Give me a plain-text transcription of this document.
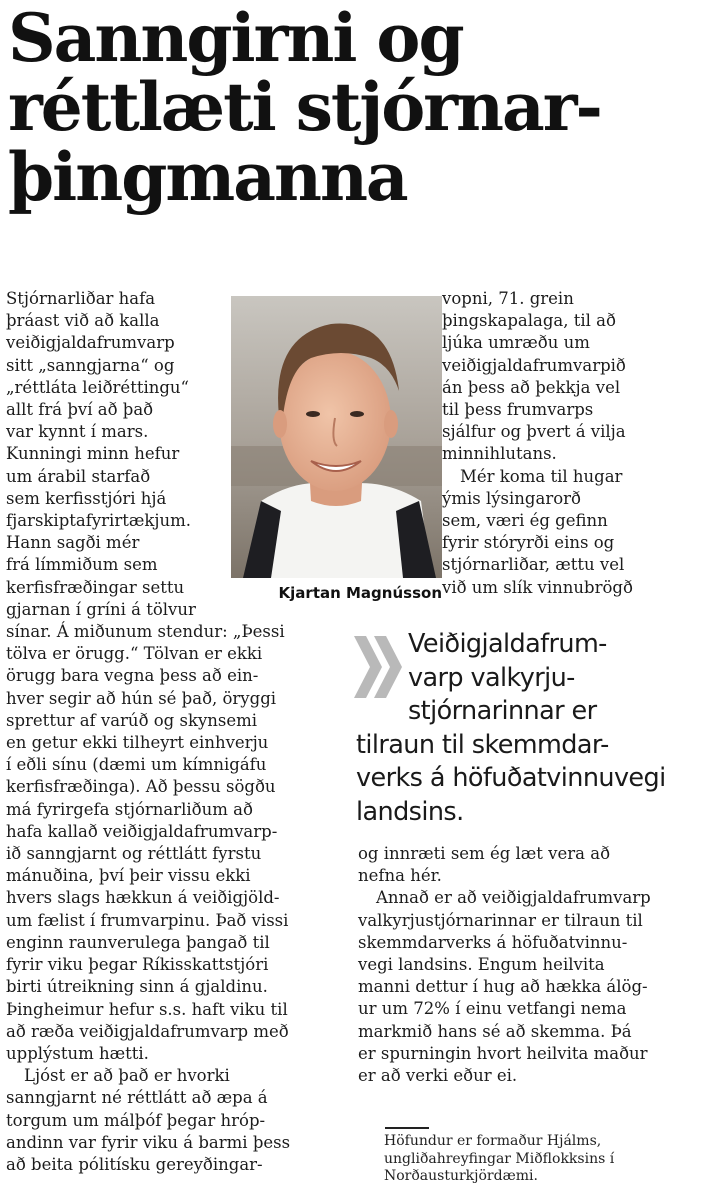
Sanngirni og
réttlæti stjórnar-
þingmanna
Stjórnarliðar hafa
þráast við að kalla
veiðigjaldafrumvarp
sitt „sanngjarna“ og
„réttláta leiðréttingu“
allt frá því að það
var kynnt í mars.
Kunningi minn hefur
um árabil starfað
sem kerfisstjóri hjá
fjarskiptafyrirtækjum.
Hann sagði mér
frá límmiðum sem
kerfisfræðingar settu
gjarnan í gríni á tölvur
sínar. Á miðunum stendur: „Þessi
tölva er örugg.“ Tölvan er ekki
örugg bara vegna þess að ein-
hver segir að hún sé það, öryggi
sprettur af varúð og skynsemi
en getur ekki tilheyrt einhverju
í eðli sínu (dæmi um kímnigáfu
kerfisfræðinga). Að þessu sögðu
má fyrirgefa stjórnarliðum að
hafa kallað veiðigjaldafrumvarp-
ið sanngjarnt og réttlátt fyrstu
mánuðina, því þeir vissu ekki
hvers slags hækkun á veiðigjöld-
um fælist í frumvarpinu. Það vissi
enginn raunverulega þangað til
fyrir viku þegar Ríkisskattstjóri
birti útreikning sinn á gjaldinu.
Þingheimur hefur s.s. haft viku til
að ræða veiðigjaldafrumvarp með
upplýstum hætti.
Ljóst er að það er hvorki
sanngjarnt né réttlátt að æpa á
torgum um málþóf þegar hróp-
andinn var fyrir viku á barmi þess
að beita pólitísku gereyðingar-
Kjartan Magnússon
vopni, 71. grein
þingskapalaga, til að
ljúka umræðu um
veiðigjaldafrumvarpið
án þess að þekkja vel
til þess frumvarps
sjálfur og þvert á vilja
minnihlutans.
Mér koma til hugar
ýmis lýsingarorð
sem, væri ég gefinn
fyrir stóryrði eins og
stjórnarliðar, ættu vel
við um slík vinnubrögð
Veiðigjaldafrum-
varp valkyrju-
stjórnarinnar er
tilraun til skemmdar-
verks á höfuðatvinnuvegi
landsins.
og innræti sem ég læt vera að
nefna hér.
Annað er að veiðigjaldafrumvarp
valkyrjustjórnarinnar er tilraun til
skemmdarverks á höfuðatvinnu-
vegi landsins. Engum heilvita
manni dettur í hug að hækka álög-
ur um 72% í einu vetfangi nema
markmið hans sé að skemma. Þá
er spurningin hvort heilvita maður
er að verki eður ei.
Höfundur er formaður Hjálms,
ungliðahreyfingar Miðflokksins í
Norðausturkjördæmi.
